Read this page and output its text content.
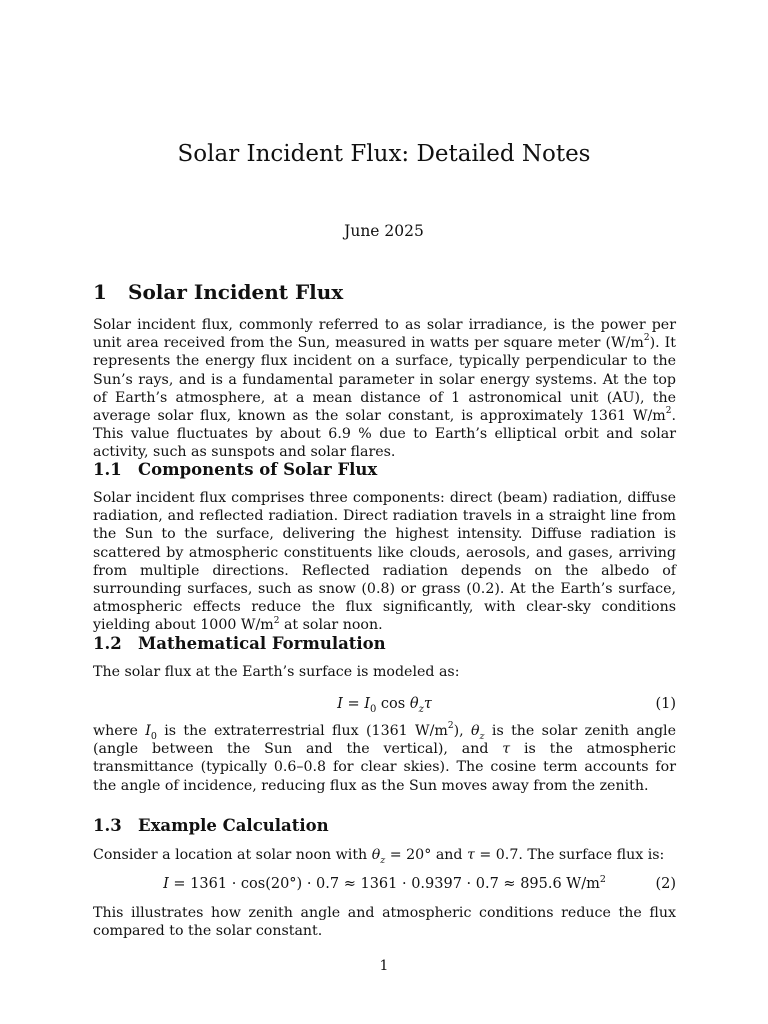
Solar Incident Flux: Detailed Notes
June 2025
1 Solar Incident Flux
Solar incident flux, commonly referred to as solar irradiance, is the power per unit area received from the Sun, measured in watts per square meter $(W/m^2)$. It represents the energy flux incident on a surface, typically perpendicular to the Sun’s rays, and is a fundamental parameter in solar energy systems. At the top of Earth’s atmosphere, at a mean distance of 1 astronomical unit (AU), the average solar flux, known as the solar constant, is approximately 1361 $W/m^2$. This value fluctuates by about 6.9 % due to Earth’s elliptical orbit and solar activity, such as sunspots and solar flares.
1.1 Components of Solar Flux
Solar incident flux comprises three components: direct (beam) radiation, diffuse radiation, and reflected radiation. Direct radiation travels in a straight line from the Sun to the surface, delivering the highest intensity. Diffuse radiation is scattered by atmospheric constituents like clouds, aerosols, and gases, arriving from multiple directions. Reflected radiation depends on the albedo of surrounding surfaces, such as snow (0.8) or grass (0.2). At the Earth’s surface, atmospheric effects reduce the flux significantly, with clear-sky conditions yielding about 1000 $W/m^2$ at solar noon.
1.2 Mathematical Formulation
The solar flux at the Earth’s surface is modeled as:
$I = I_0$ $\cos \theta_z\tau$	(1)
where $I_0$ is the extraterrestrial flux (1361 $W/m^2$), $\theta_z$ is the solar zenith angle (angle between the Sun and the vertical), and τ is the atmospheric transmittance (typically 0.6–0.8 for clear skies). The cosine term accounts for the angle of incidence, reducing flux as the Sun moves away from the zenith.
1.3 Example Calculation
Consider a location at solar noon with $\theta_z = 20^\circ$ and τ = 0.7. The surface flux is:
I = 1361 · cos(20°) · 0.7 ≈ 1361 · 0.9397 · 0.7 ≈ 895.6 $W/m^2$	(2)
This illustrates how zenith angle and atmospheric conditions reduce the flux compared to the solar constant.
1
